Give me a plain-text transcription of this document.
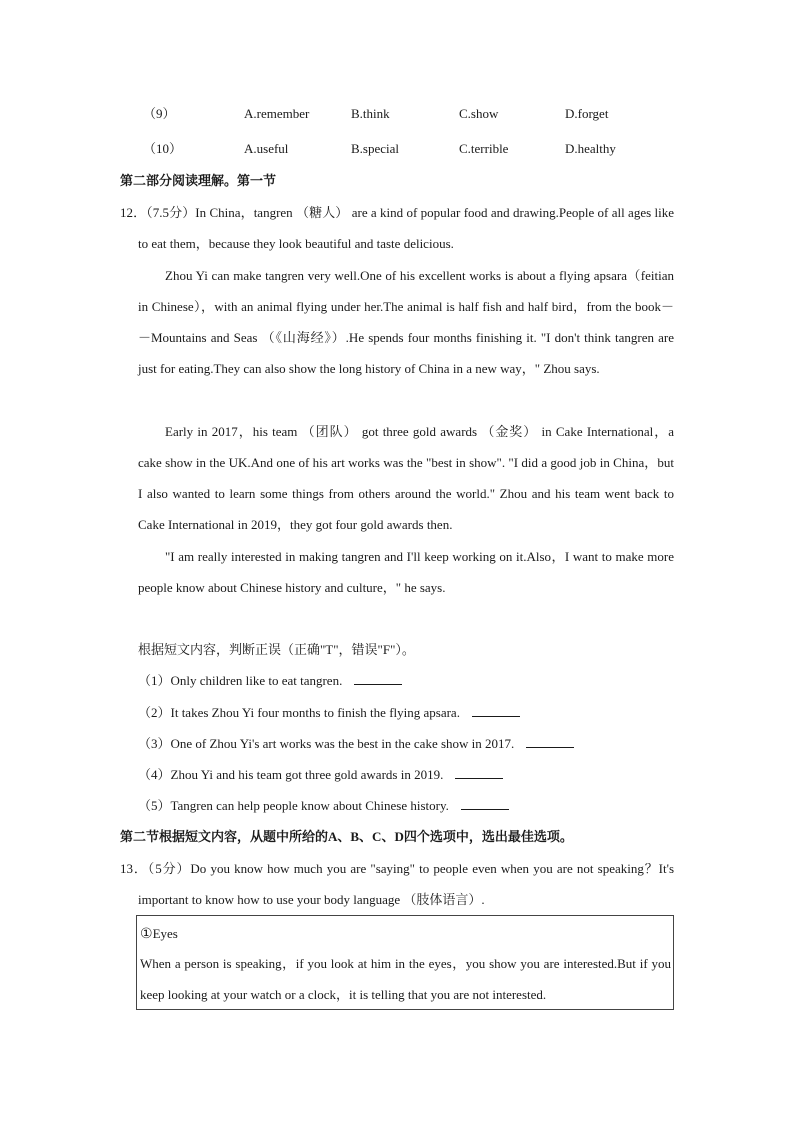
（9）	A.remember	B.think	C.show	D.forget
（10）	A.useful	B.special	C.terrible	D.healthy
第二部分阅读理解。第一节

12．（7.5分）In China，tangren （糖人） are a kind of popular food and drawing.People of all ages like to eat them，because they look beautiful and taste delicious.

Zhou Yi can make tangren very well.One of his excellent works is about a flying apsara（feitian in Chinese），with an animal flying under her.The animal is half fish and half bird，from the book－ －Mountains and Seas （《山海经》）.He spends four months finishing it. "I don't think tangren are just for eating.They can also show the long history of China in a new way，" Zhou says.

Early in 2017，his team （团队） got three gold awards （金奖） in Cake International，a cake show in the UK.And one of his art works was the "best in show". "I did a good job in China，but I also wanted to learn some things from others around the world." Zhou and his team went back to Cake International in 2019，they got four gold awards then.

"I am really interested in making tangren and I'll keep working on it.Also，I want to make more people know about Chinese history and culture，" he says.

根据短文内容，判断正误（正确"T"，错误"F"）。
（1）Only children like to eat tangren.
（2）It takes Zhou Yi four months to finish the flying apsara.
（3）One of Zhou Yi's art works was the best in the cake show in 2017.
（4）Zhou Yi and his team got three gold awards in 2019.
（5）Tangren can help people know about Chinese history.
第二节根据短文内容，从题中所给的A、B、C、D四个选项中，选出最佳选项。

13．（5分）Do you know how much you are "saying" to people even when you are not speaking？It's important to know how to use your body language （肢体语言）.

①Eyes

When a person is speaking，if you look at him in the eyes，you show you are interested.But if you keep looking at your watch or a clock，it is telling that you are not interested.
